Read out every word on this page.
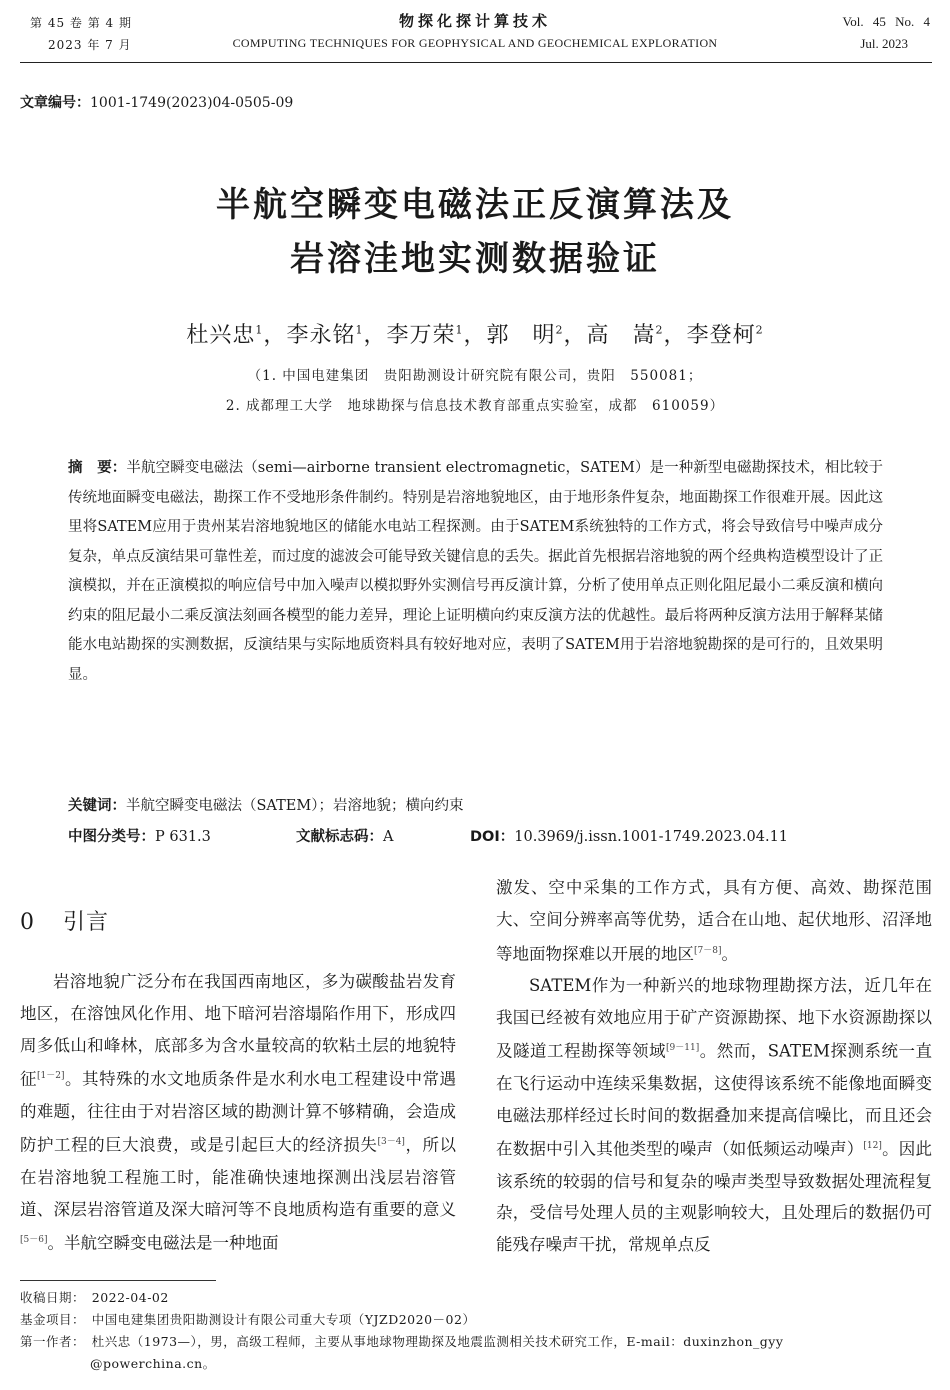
第 45 卷 第 4 期
2023 年 7 月
物探化探计算技术
COMPUTING TECHNIQUES FOR GEOPHYSICAL AND GEOCHEMICAL EXPLORATION
Vol. 45 No. 4
Jul. 2023
文章编号：1001-1749(2023)04-0505-09
半航空瞬变电磁法正反演算法及
岩溶洼地实测数据验证
杜兴忠$^1$，李永铭$^1$，李万荣$^1$，郭　明$^2$，高　嵩$^2$，李登柯$^2$
（1. 中国电建集团　贵阳勘测设计研究院有限公司，贵阳　550081；
2. 成都理工大学　地球勘探与信息技术教育部重点实验室，成都　610059）
摘　要：半航空瞬变电磁法（semi—airborne transient electromagnetic，SATEM）是一种新型电磁勘探技术，相比较于传统地面瞬变电磁法，勘探工作不受地形条件制约。特别是岩溶地貌地区，由于地形条件复杂，地面勘探工作很难开展。因此这里将SATEM应用于贵州某岩溶地貌地区的储能水电站工程探测。由于SATEM系统独特的工作方式，将会导致信号中噪声成分复杂，单点反演结果可靠性差，而过度的滤波会可能导致关键信息的丢失。据此首先根据岩溶地貌的两个经典构造模型设计了正演模拟，并在正演模拟的响应信号中加入噪声以模拟野外实测信号再反演计算，分析了使用单点正则化阻尼最小二乘反演和横向约束的阻尼最小二乘反演法刻画各模型的能力差异，理论上证明横向约束反演方法的优越性。最后将两种反演方法用于解释某储能水电站勘探的实测数据，反演结果与实际地质资料具有较好地对应，表明了SATEM用于岩溶地貌勘探的是可行的，且效果明显。
关键词：半航空瞬变电磁法（SATEM）；岩溶地貌；横向约束
中图分类号：P 631.3	文献标志码：A	DOI：10.3969/j.issn.1001-1749.2023.04.11
0 引言

岩溶地貌广泛分布在我国西南地区，多为碳酸盐岩发育地区，在溶蚀风化作用、地下暗河岩溶塌陷作用下，形成四周多低山和峰林，底部多为含水量较高的软粘土层的地貌特征[1－2]。其特殊的水文地质条件是水利水电工程建设中常遇的难题，往往由于对岩溶区域的勘测计算不够精确，会造成防护工程的巨大浪费，或是引起巨大的经济损失[3－4]，所以在岩溶地貌工程施工时，能准确快速地探测出浅层岩溶管道、深层岩溶管道及深大暗河等不良地质构造有重要的意义[5－6]。半航空瞬变电磁法是一种地面

激发、空中采集的工作方式，具有方便、高效、勘探范围大、空间分辨率高等优势，适合在山地、起伏地形、沼泽地等地面物探难以开展的地区[7－8]。

SATEM作为一种新兴的地球物理勘探方法，近几年在我国已经被有效地应用于矿产资源勘探、地下水资源勘探以及隧道工程勘探等领域[9－11]。然而，SATEM探测系统一直在飞行运动中连续采集数据，这使得该系统不能像地面瞬变电磁法那样经过长时间的数据叠加来提高信噪比，而且还会在数据中引入其他类型的噪声（如低频运动噪声）[12]。因此该系统的较弱的信号和复杂的噪声类型导致数据处理流程复杂，受信号处理人员的主观影响较大，且处理后的数据仍可能残存噪声干扰，常规单点反

收稿日期：　2022-04-02
基金项目：　中国电建集团贵阳勘测设计有限公司重大专项（YJZD2020－02）
第一作者：　杜兴忠（1973—），男，高级工程师，主要从事地球物理勘探及地震监测相关技术研究工作，E-mail：duxinzhon_gyy
@powerchina.cn。
